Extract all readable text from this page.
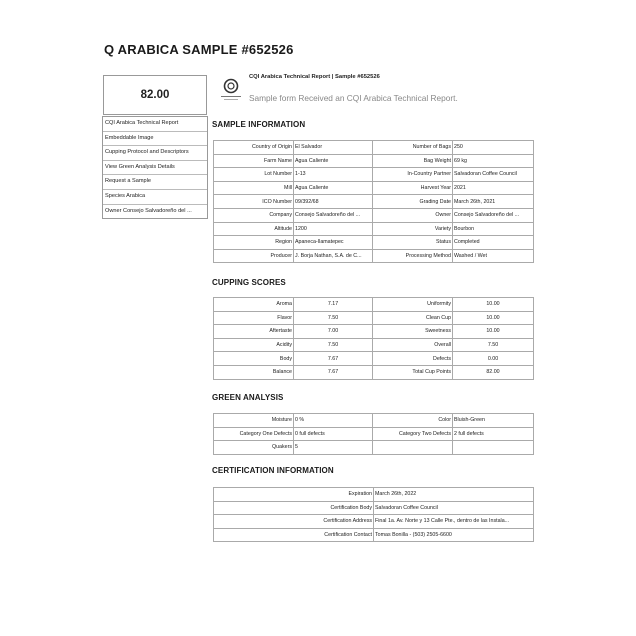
Q ARABICA SAMPLE #652526
82.00
CQI Arabica Technical Report
Embeddable Image
Cupping Protocol and Descriptors
View Green Analysis Details
Request a Sample
Species Arabica
Owner Consejo Salvadoreño del ...
CQI Arabica Technical Report | Sample #652526
Sample form Received an CQI Arabica Technical Report.
SAMPLE INFORMATION
Country of Origin	El Salvador	Number of Bags	250
Farm Name	Agua Caliente	Bag Weight	69 kg
Lot Number	1-13	In-Country Partner	Salvadoran Coffee Council
Mill	Agua Caliente	Harvest Year	2021
ICO Number	09/392/68	Grading Date	March 26th, 2021
Company	Consejo Salvadoreño del ...	Owner	Consejo Salvadoreño del ...
Altitude	1200	Variety	Bourbon
Region	Apaneca-Ilamatepec	Status	Completed
Producer	J. Borja Nathan, S.A. de C...	Processing Method	Washed / Wet
CUPPING SCORES
Aroma	7.17	Uniformity	10.00
Flavor	7.50	Clean Cup	10.00
Aftertaste	7.00	Sweetness	10.00
Acidity	7.50	Overall	7.50
Body	7.67	Defects	0.00
Balance	7.67	Total Cup Points	82.00
GREEN ANALYSIS
Moisture	0 %	Color	Bluish-Green
Category One Defects	0 full defects	Category Two Defects	2 full defects
Quakers	5		
CERTIFICATION INFORMATION
Expiration	March 26th, 2022
Certification Body	Salvadoran Coffee Council
Certification Address	Final 1a. Av. Norte y 13 Calle Pte., dentro de las Instala...
Certification Contact	Tomas Bonilla - (503) 2505-6600
